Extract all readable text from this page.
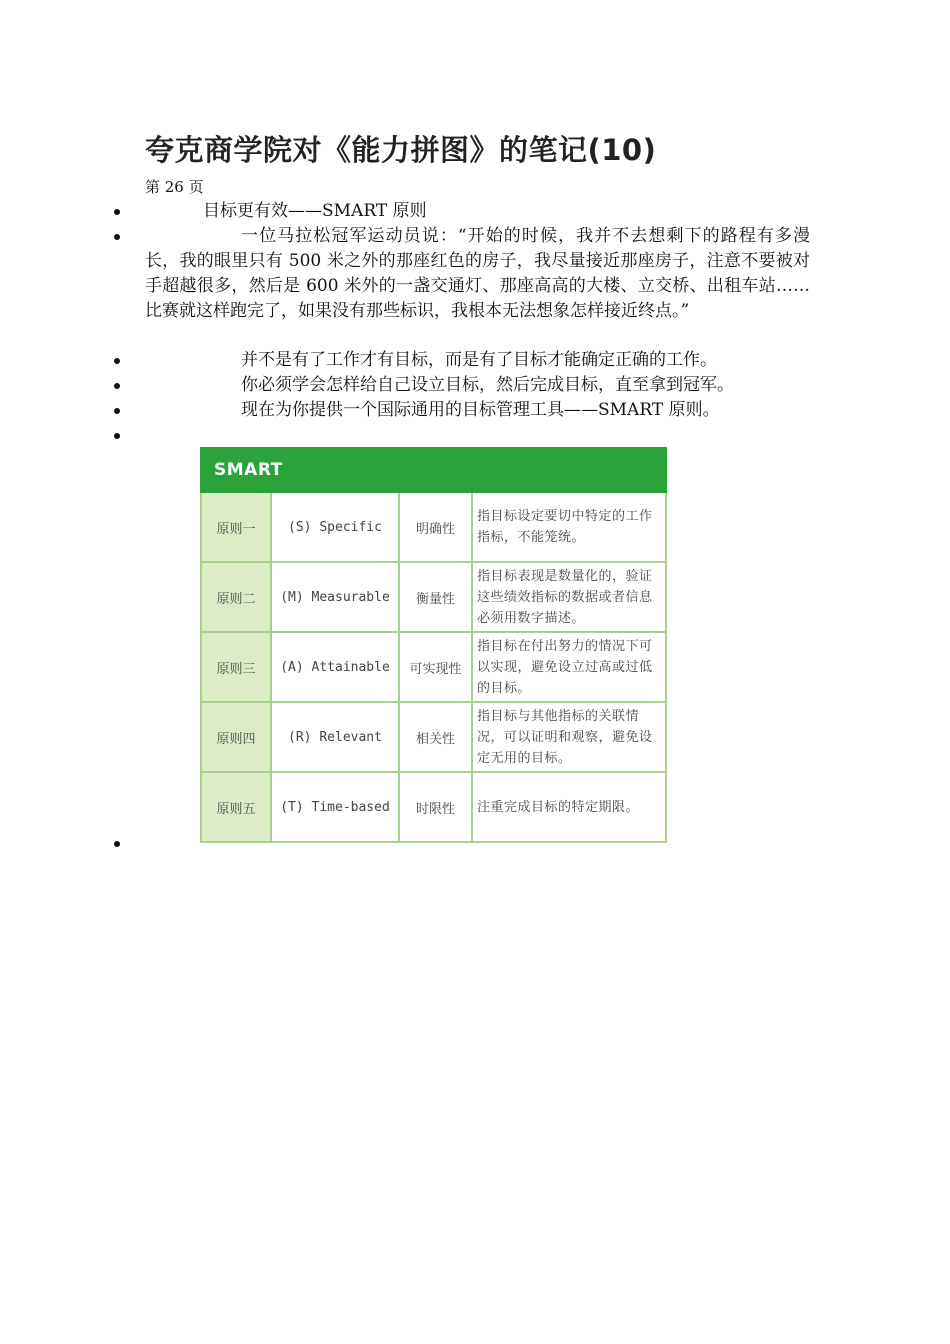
夸克商学院对《能力拼图》的笔记(10)
第 26 页
目标更有效——SMART 原则
一位马拉松冠军运动员说：“开始的时候，我并不去想剩下的路程有多漫长，我的眼里只有 500 米之外的那座红色的房子，我尽量接近那座房子，注意不要被对手超越很多，然后是 600 米外的一盏交通灯、那座高高的大楼、立交桥、出租车站……比赛就这样跑完了，如果没有那些标识，我根本无法想象怎样接近终点。”
并不是有了工作才有目标，而是有了目标才能确定正确的工作。
你必须学会怎样给自己设立目标，然后完成目标，直至拿到冠军。
现在为你提供一个国际通用的目标管理工具——SMART 原则。
SMART			
原则一	(S) Specific	明确性	指目标设定要切中特定的工作指标，不能笼统。
原则二	(M) Measurable	衡量性	指目标表现是数量化的，验证这些绩效指标的数据或者信息必须用数字描述。
原则三	(A) Attainable	可实现性	指目标在付出努力的情况下可以实现，避免设立过高或过低的目标。
原则四	(R) Relevant	相关性	指目标与其他指标的关联情况，可以证明和观察，避免设定无用的目标。
原则五	(T) Time-based	时限性	注重完成目标的特定期限。
